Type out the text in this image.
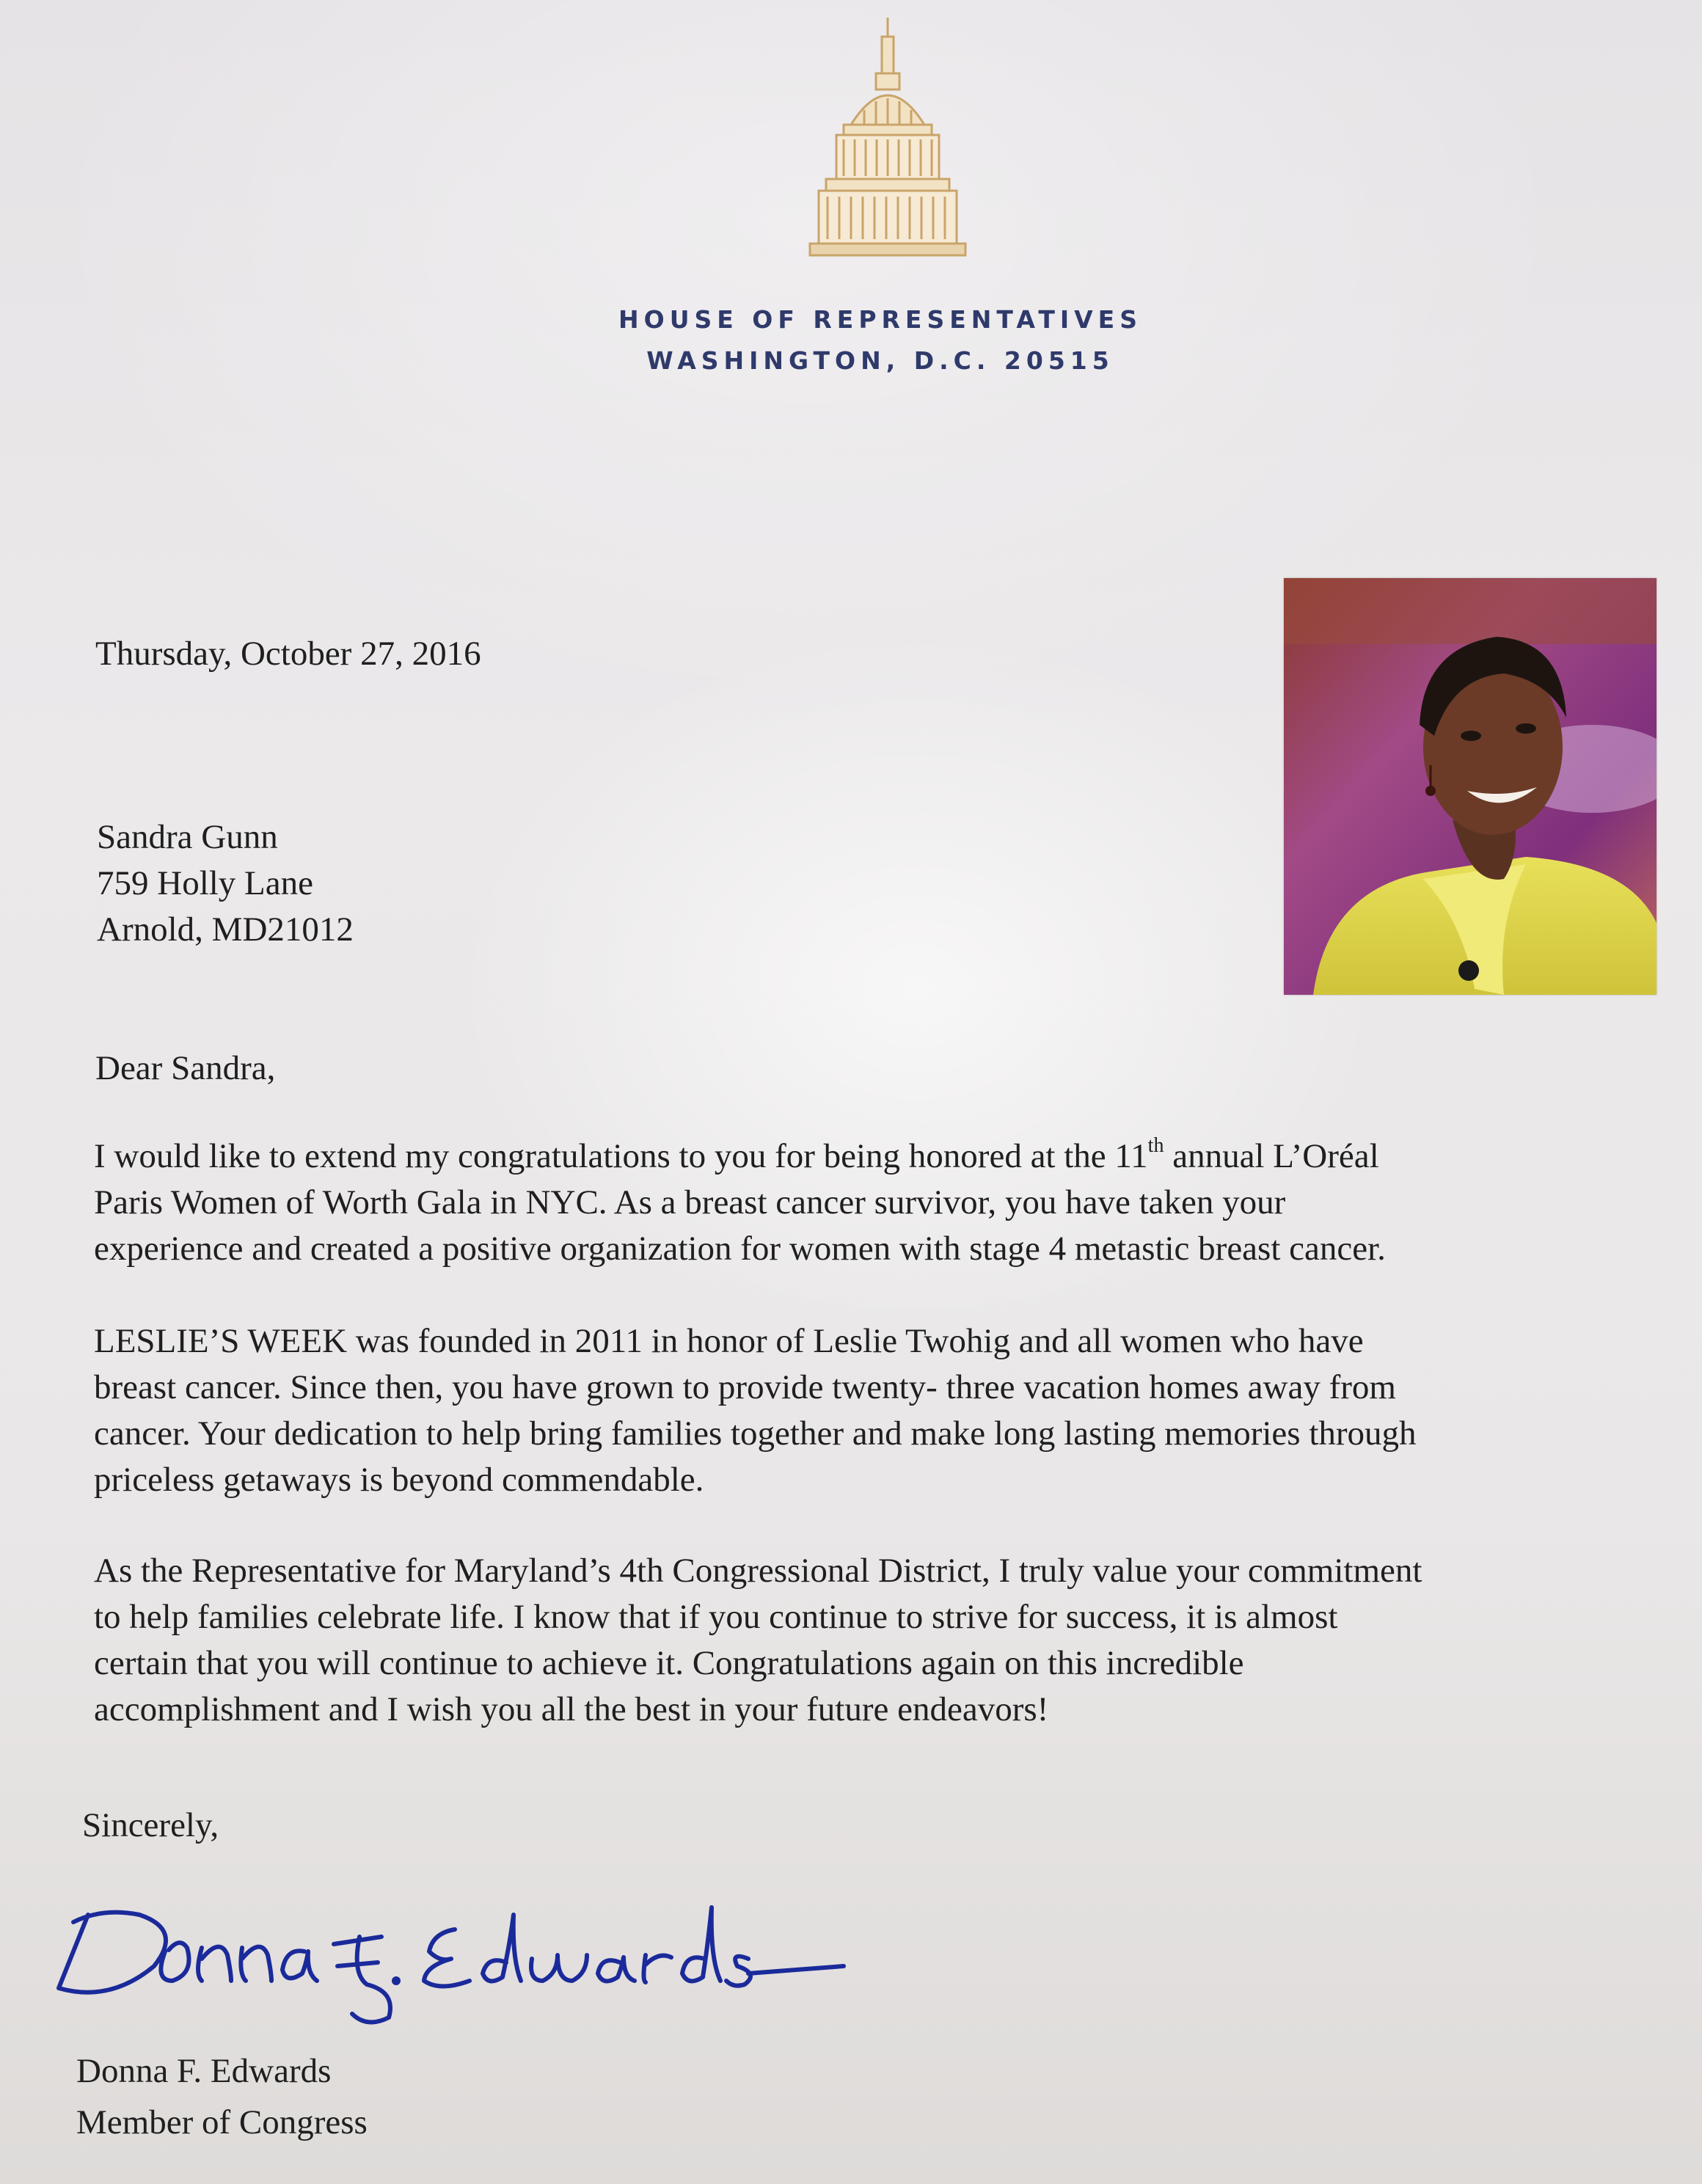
HOUSE OF REPRESENTATIVES
WASHINGTON, D.C. 20515
Thursday, October 27, 2016
Sandra Gunn
759 Holly Lane
Arnold, MD21012
Dear Sandra,
I would like to extend my congratulations to you for being honored at the 11th annual L’Oréal
Paris Women of Worth Gala in NYC. As a breast cancer survivor, you have taken your
experience and created a positive organization for women with stage 4 metastic breast cancer.
LESLIE’S WEEK was founded in 2011 in honor of Leslie Twohig and all women who have
breast cancer. Since then, you have grown to provide twenty- three vacation homes away from
cancer. Your dedication to help bring families together and make long lasting memories through
priceless getaways is beyond commendable.
As the Representative for Maryland’s 4th Congressional District, I truly value your commitment
to help families celebrate life. I know that if you continue to strive for success, it is almost
certain that you will continue to achieve it. Congratulations again on this incredible
accomplishment and I wish you all the best in your future endeavors!
Sincerely,
Donna F. Edwards
Member of Congress
